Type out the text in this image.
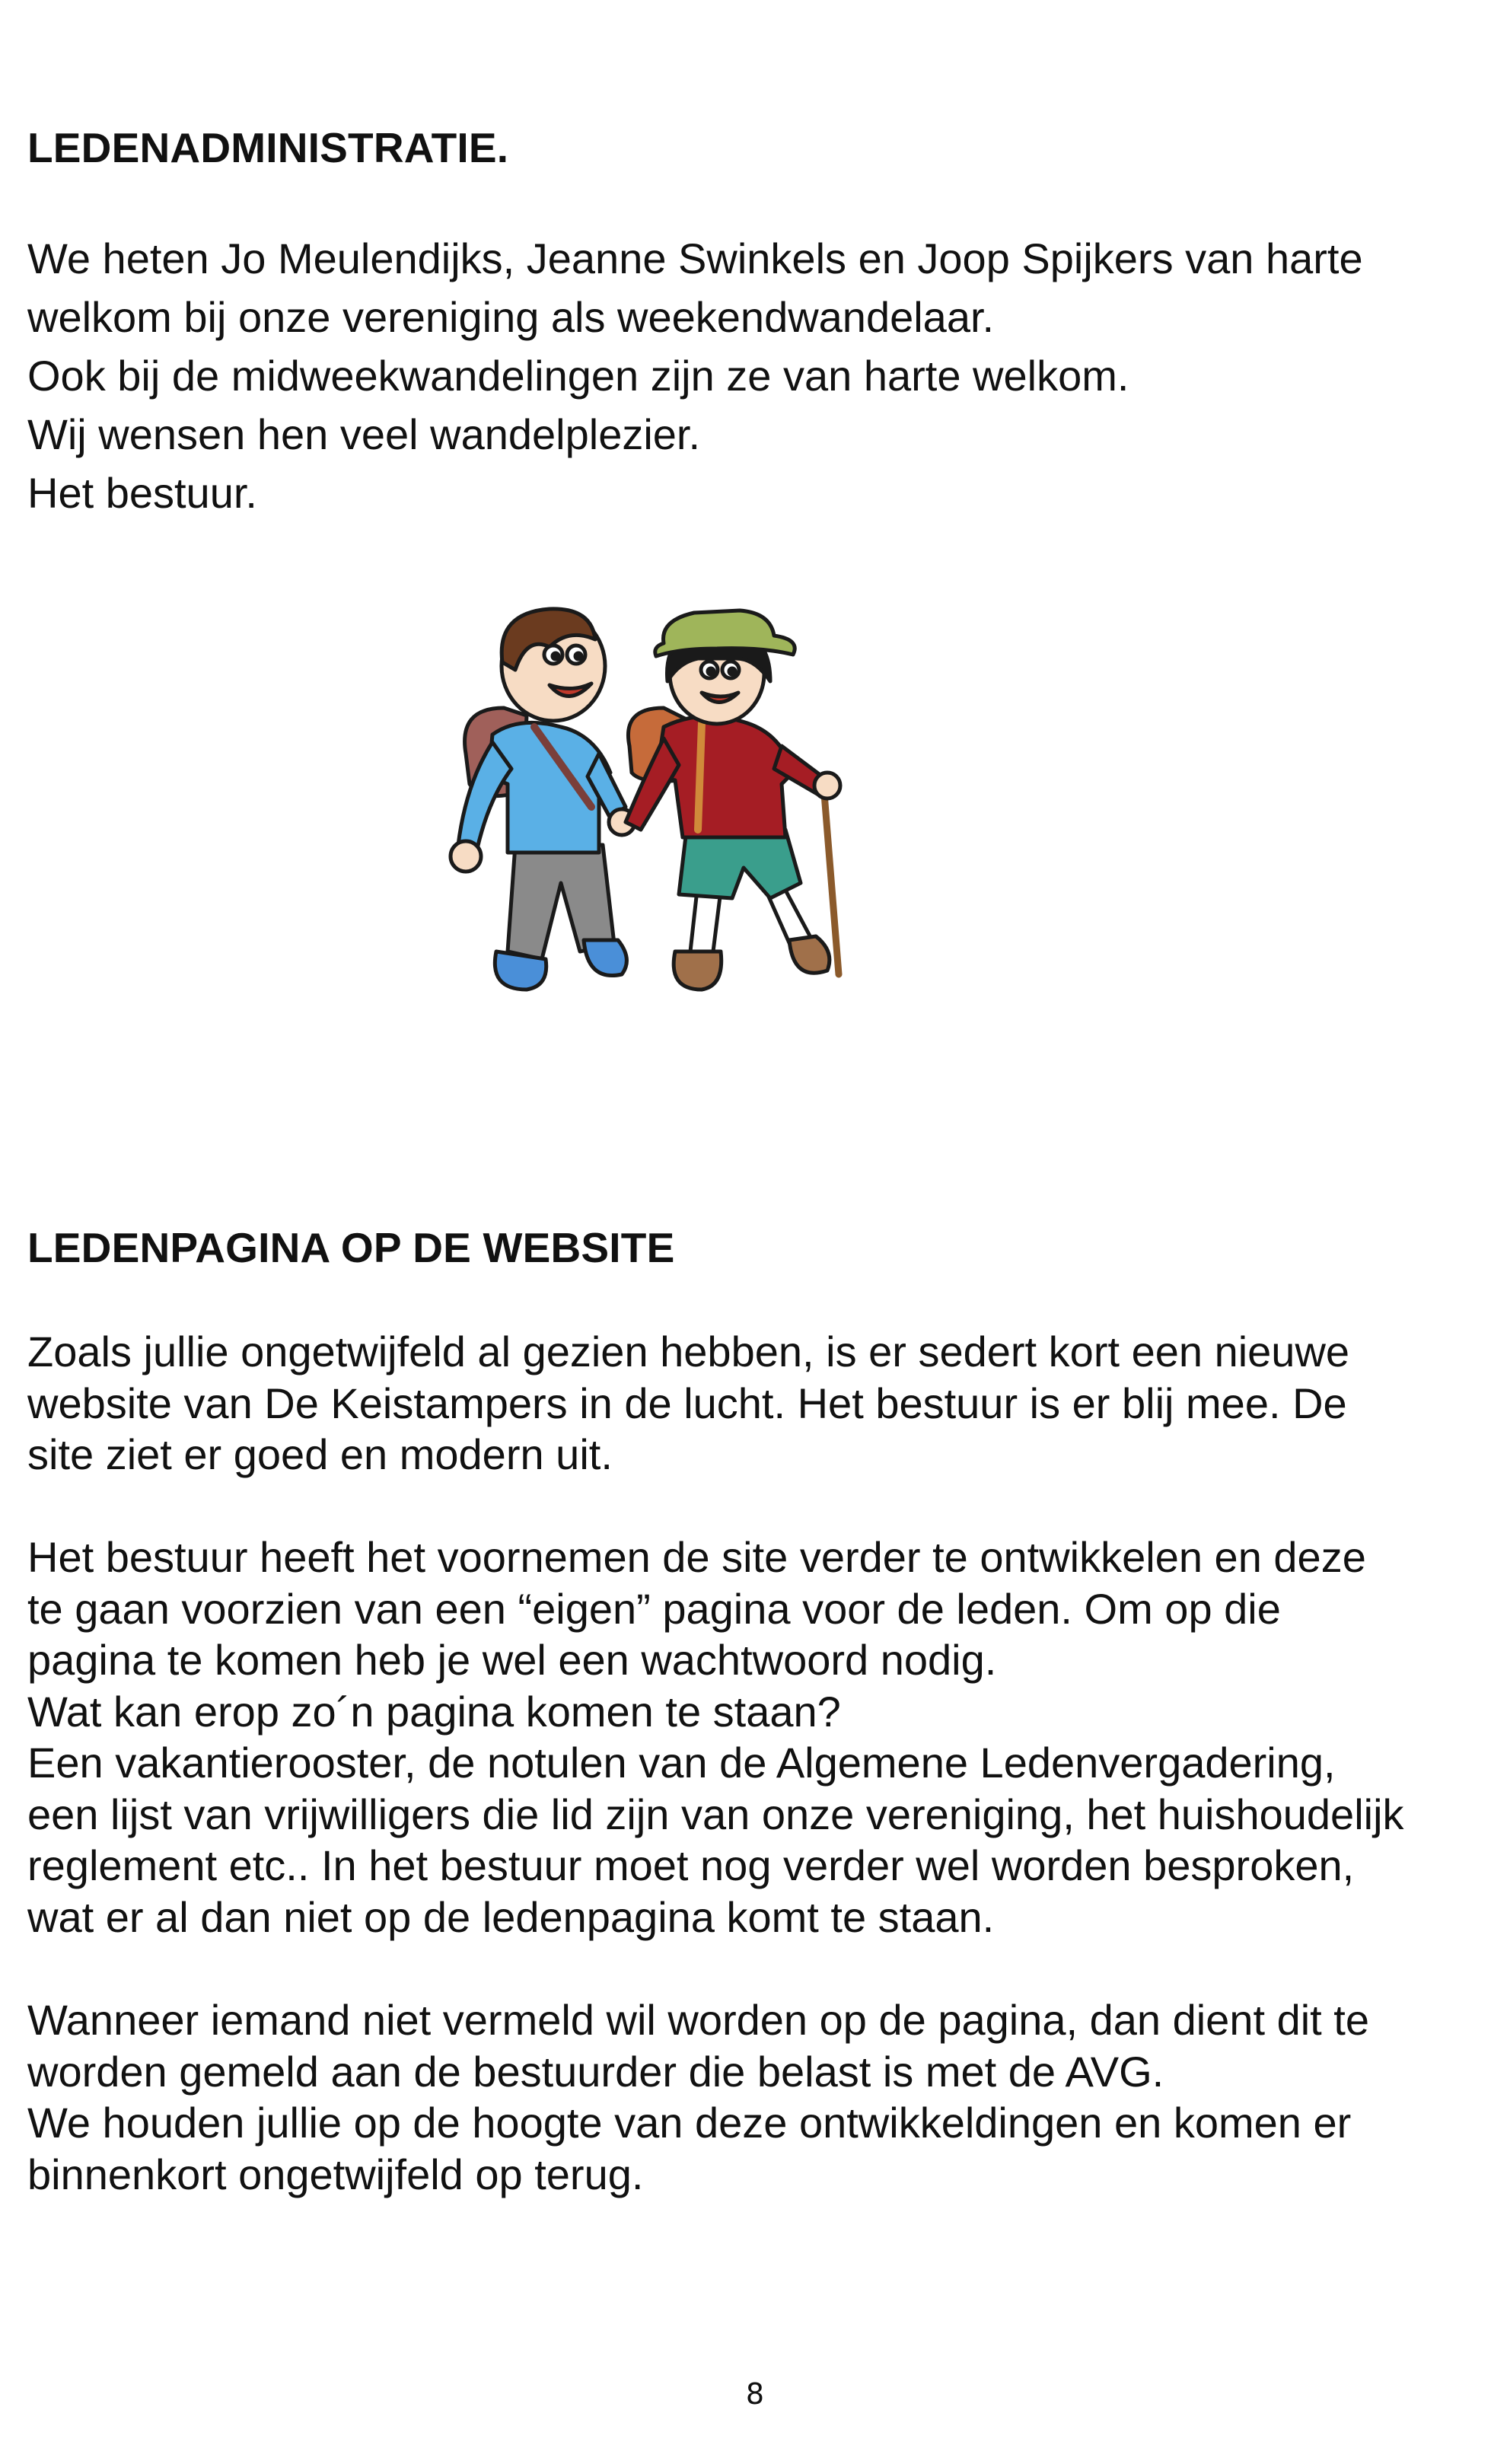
LEDENADMINISTRATIE.
We heten Jo Meulendijks, Jeanne Swinkels en Joop Spijkers van harte
welkom bij onze vereniging als weekendwandelaar.
Ook bij de midweekwandelingen zijn ze van harte welkom.
Wij wensen hen veel wandelplezier.
Het bestuur.
LEDENPAGINA OP DE WEBSITE
Zoals jullie ongetwijfeld al gezien hebben, is er sedert kort een nieuwe
website van De Keistampers in de lucht. Het bestuur is er blij mee. De
site ziet er goed en modern uit.
Het bestuur heeft het voornemen de site verder te ontwikkelen en deze
te gaan voorzien van een “eigen” pagina voor de leden. Om op die
pagina te komen heb je wel een wachtwoord nodig.
Wat kan erop zo´n pagina komen te staan?
Een vakantierooster, de notulen van de Algemene Ledenvergadering,
een lijst van vrijwilligers die lid zijn van onze vereniging, het huishoudelijk
reglement etc.. In het bestuur moet nog verder wel worden besproken,
wat er al dan niet op de ledenpagina komt te staan.
Wanneer iemand niet vermeld wil worden op de pagina, dan dient dit te
worden gemeld aan de bestuurder die belast is met de AVG.
We houden jullie op de hoogte van deze ontwikkeldingen en komen er
binnenkort ongetwijfeld op terug.
8
